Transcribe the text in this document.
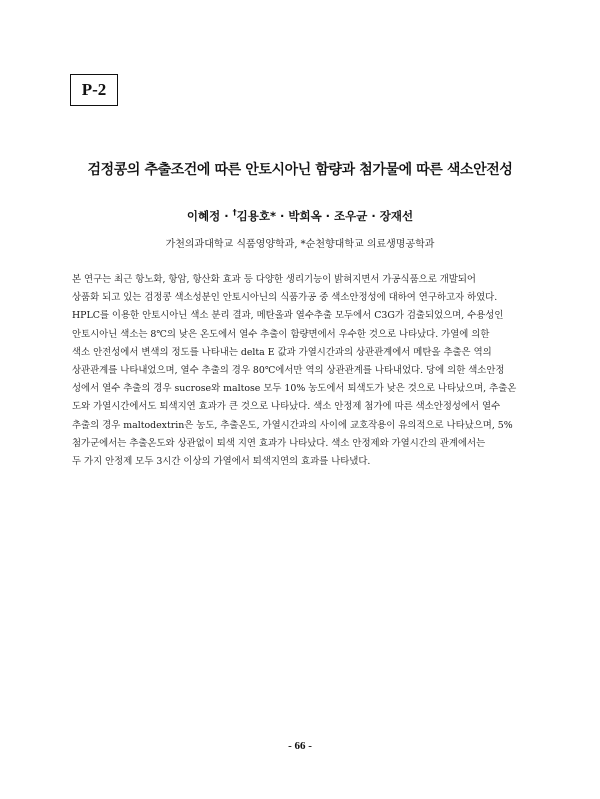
P-2
검정콩의 추출조건에 따른 안토시아닌 함량과 첨가물에 따른 색소안전성
이혜정 · †김용호* · 박희옥 · 조우균 · 장재선
가천의과대학교 식품영양학과, *순천향대학교 의료생명공학과
본 연구는 최근 항노화, 항암, 항산화 효과 등 다양한 생리기능이 밝혀지면서 가공식품으로 개발되어
상품화 되고 있는 검정콩 색소성분인 안토시아닌의 식품가공 중 색소안정성에 대하여 연구하고자 하였다.
HPLC를 이용한 안토시아닌 색소 분리 결과, 메탄올과 열수추출 모두에서 C3G가 검출되었으며, 수용성인
안토시아닌 색소는 8℃의 낮은 온도에서 열수 추출이 함량면에서 우수한 것으로 나타났다. 가열에 의한
색소 안전성에서 변색의 정도를 나타내는 delta E 값과 가열시간과의 상관관계에서 메탄올 추출은 역의
상관관계를 나타내었으며, 열수 추출의 경우 80℃에서만 역의 상관관계를 나타내었다. 당에 의한 색소안정
성에서 열수 추출의 경우 sucrose와 maltose 모두 10% 농도에서 퇴색도가 낮은 것으로 나타났으며, 추출온
도와 가열시간에서도 퇴색지연 효과가 큰 것으로 나타났다. 색소 안정제 첨가에 따른 색소안정성에서 열수
추출의 경우 maltodextrin은 농도, 추출온도, 가열시간과의 사이에 교호작용이 유의적으로 나타났으며, 5%
첨가군에서는 추출온도와 상관없이 퇴색 지연 효과가 나타났다. 색소 안정제와 가열시간의 관계에서는
두 가지 안정제 모두 3시간 이상의 가열에서 퇴색지연의 효과를 나타냈다.
- 66 -
